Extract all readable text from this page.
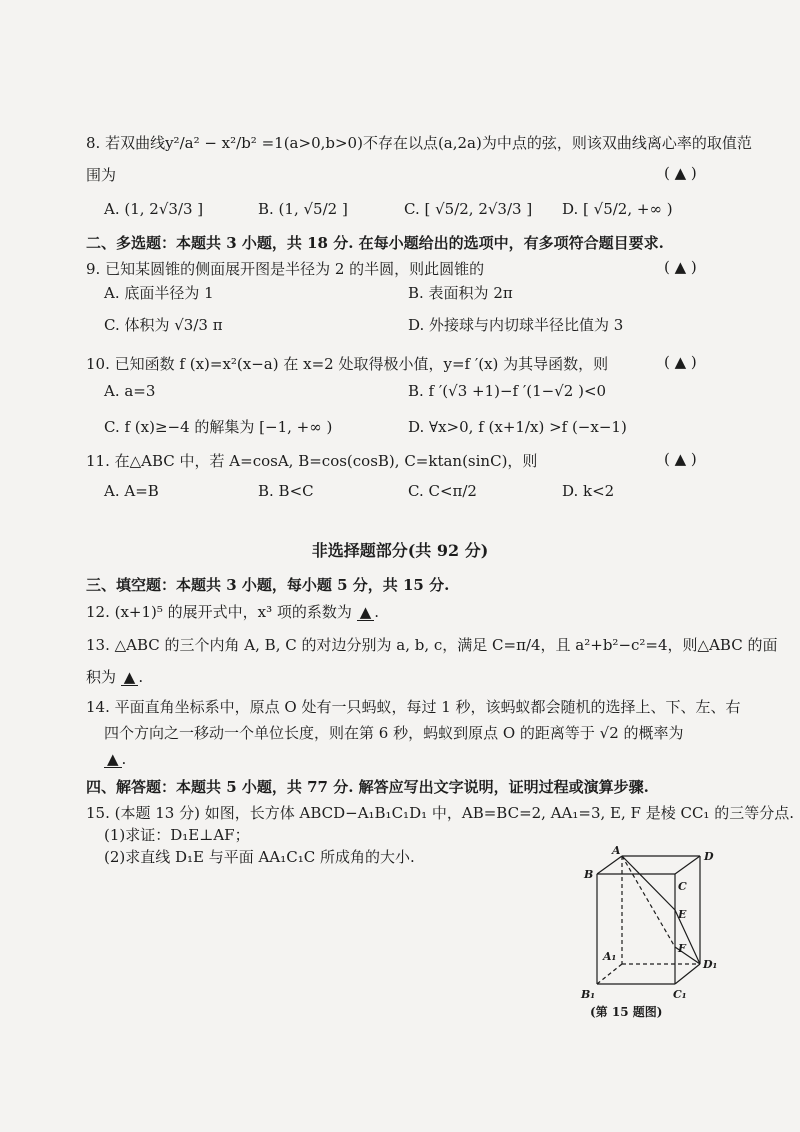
8. 若双曲线y²/a² − x²/b² =1(a>0,b>0)不存在以点(a,2a)为中点的弦，则该双曲线离心率的取值范
围为	( ▲ )
A. (1, 2√3/3 ]	B. (1, √5/2 ]	C. [ √5/2, 2√3/3 ] D. [ √5/2, +∞ )
二、多选题：本题共 3 小题，共 18 分. 在每小题给出的选项中，有多项符合题目要求.
9. 已知某圆锥的侧面展开图是半径为 2 的半圆，则此圆锥的	( ▲ )
A. 底面半径为 1	B. 表面积为 2π
C. 体积为 √3/3 π	D. 外接球与内切球半径比值为 3
10. 已知函数 f (x)=x²(x−a) 在 x=2 处取得极小值，y=f ′(x) 为其导函数，则	( ▲ )
A. a=3	B. f ′(√3 +1)−f ′(1−√2 )<0
C. f (x)≥−4 的解集为 [−1, +∞ )	D. ∀x>0, f (x+1/x) >f (−x−1)
11. 在△ABC 中，若 A=cosA, B=cos(cosB), C=ktan(sinC)，则	( ▲ )
A. A=B	B. B<C	C. C<π/2	D. k<2
非选择题部分(共 92 分)
三、填空题：本题共 3 小题，每小题 5 分，共 15 分.
12. (x+1)⁵ 的展开式中，x³ 项的系数为 ▲ .
13. △ABC 的三个内角 A, B, C 的对边分别为 a, b, c，满足 C=π/4，且 a²+b²−c²=4，则△ABC 的面
积为 ▲ .
14. 平面直角坐标系中，原点 O 处有一只蚂蚁，每过 1 秒，该蚂蚁都会随机的选择上、下、左、右
四个方向之一移动一个单位长度，则在第 6 秒，蚂蚁到原点 O 的距离等于 √2 的概率为
▲ .
四、解答题：本题共 5 小题，共 77 分. 解答应写出文字说明，证明过程或演算步骤.
15. (本题 13 分) 如图，长方体 ABCD−A₁B₁C₁D₁ 中，AB=BC=2, AA₁=3, E, F 是棱 CC₁ 的三等分点.
(1)求证：D₁E⊥AF；
(2)求直线 D₁E 与平面 AA₁C₁C 所成角的大小.	A	D
B
C
E
F
A₁
D₁
B₁	C₁
(第 15 题图)
